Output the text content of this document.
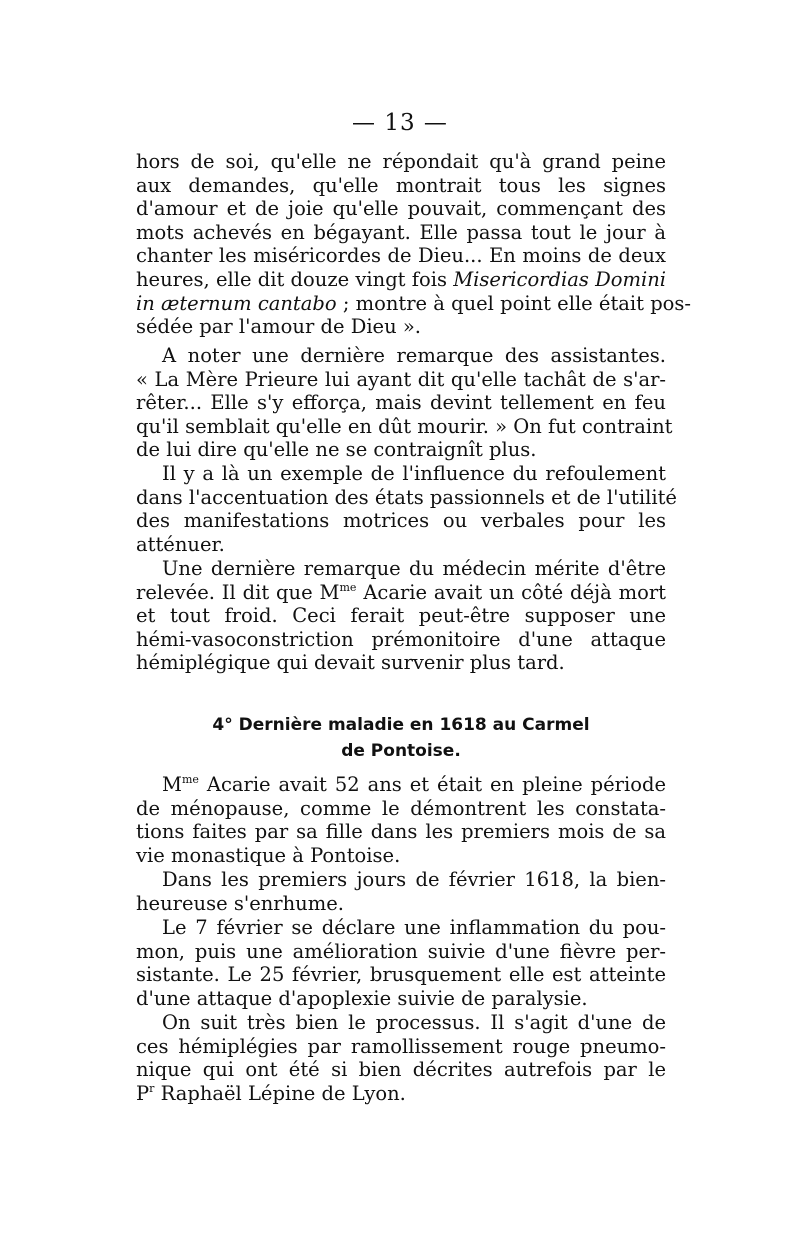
— 13 —
hors de soi, qu'elle ne répondait qu'à grand peine
aux demandes, qu'elle montrait tous les signes
d'amour et de joie qu'elle pouvait, commençant des
mots achevés en bégayant. Elle passa tout le jour à
chanter les miséricordes de Dieu... En moins de deux
heures, elle dit douze vingt fois Misericordias Domini
in æternum cantabo ; montre à quel point elle était pos-
sédée par l'amour de Dieu ».
A noter une dernière remarque des assistantes.
« La Mère Prieure lui ayant dit qu'elle tachât de s'ar-
rêter... Elle s'y efforça, mais devint tellement en feu
qu'il semblait qu'elle en dût mourir. » On fut contraint
de lui dire qu'elle ne se contraignît plus.
Il y a là un exemple de l'influence du refoulement
dans l'accentuation des états passionnels et de l'utilité
des manifestations motrices ou verbales pour les
atténuer.
Une dernière remarque du médecin mérite d'être
relevée. Il dit que $M^{me}$ Acarie avait un côté déjà mort
et tout froid. Ceci ferait peut-être supposer une
hémi-vasoconstriction prémonitoire d'une attaque
hémiplégique qui devait survenir plus tard.
4° Dernière maladie en 1618 au Carmel
de Pontoise.
$M^{me}$ Acarie avait 52 ans et était en pleine période
de ménopause, comme le démontrent les constata-
tions faites par sa fille dans les premiers mois de sa
vie monastique à Pontoise.
Dans les premiers jours de février 1618, la bien-
heureuse s'enrhume.
Le 7 février se déclare une inflammation du pou-
mon, puis une amélioration suivie d'une fièvre per-
sistante. Le 25 février, brusquement elle est atteinte
d'une attaque d'apoplexie suivie de paralysie.
On suit très bien le processus. Il s'agit d'une de
ces hémiplégies par ramollissement rouge pneumo-
nique qui ont été si bien décrites autrefois par le
$P^r$ Raphaël Lépine de Lyon.
